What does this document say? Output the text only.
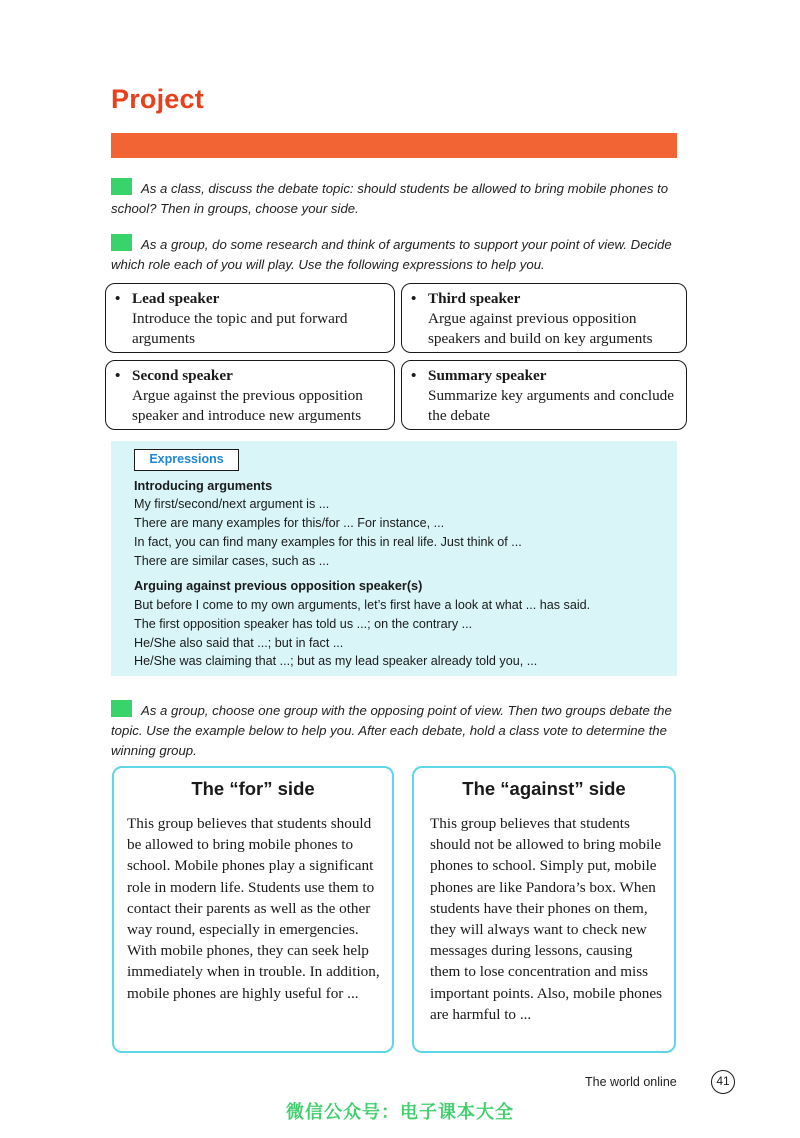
Project
As a class, discuss the debate topic: should students be allowed to bring mobile phones to school? Then in groups, choose your side.
As a group, do some research and think of arguments to support your point of view. Decide which role each of you will play. Use the following expressions to help you.
• Lead speaker
Introduce the topic and put forward arguments
• Third speaker
Argue against previous opposition speakers and build on key arguments
• Second speaker
Argue against the previous opposition speaker and introduce new arguments
• Summary speaker
Summarize key arguments and conclude the debate
Expressions
Introducing arguments
My first/second/next argument is ...
There are many examples for this/for ... For instance, ...
In fact, you can find many examples for this in real life. Just think of ...
There are similar cases, such as ...
Arguing against previous opposition speaker(s)
But before I come to my own arguments, let’s first have a look at what ... has said.
The first opposition speaker has told us ...; on the contrary ...
He/She also said that ...; but in fact ...
He/She was claiming that ...; but as my lead speaker already told you, ...
As a group, choose one group with the opposing point of view. Then two groups debate the topic. Use the example below to help you. After each debate, hold a class vote to determine the winning group.
The “for” side
This group believes that students should be allowed to bring mobile phones to school. Mobile phones play a significant role in modern life. Students use them to contact their parents as well as the other way round, especially in emergencies. With mobile phones, they can seek help immediately when in trouble. In addition, mobile phones are highly useful for ...
The “against” side
This group believes that students should not be allowed to bring mobile phones to school. Simply put, mobile phones are like Pandora’s box. When students have their phones on them, they will always want to check new messages during lessons, causing them to lose concentration and miss important points. Also, mobile phones are harmful to ...
The world online	41
微信公众号：电子课本大全
